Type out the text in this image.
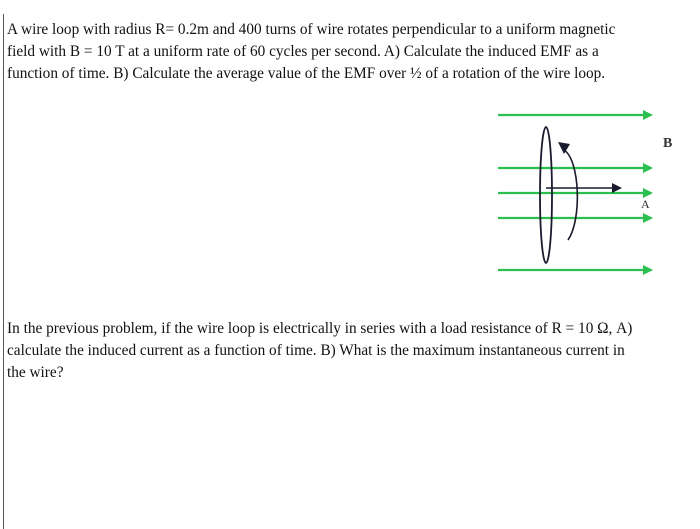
A wire loop with radius R= 0.2m and 400 turns of wire rotates perpendicular to a uniform magnetic
field with B = 10 T at a uniform rate of 60 cycles per second. A) Calculate the induced EMF as a
function of time. B) Calculate the average value of the EMF over ½ of a rotation of the wire loop.

B
A

In the previous problem, if the wire loop is electrically in series with a load resistance of R = 10 Ω, A)
calculate the induced current as a function of time. B) What is the maximum instantaneous current in
the wire?
